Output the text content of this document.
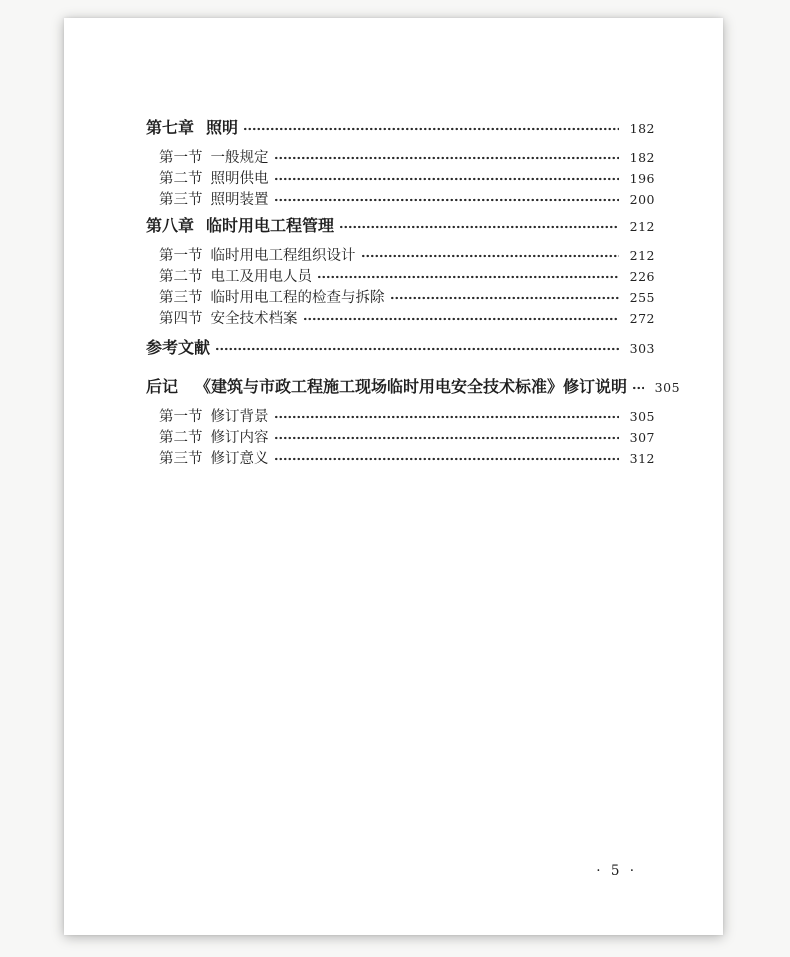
第七章 照明	182
第一节 一般规定	182
第二节 照明供电	196
第三节 照明装置	200
第八章 临时用电工程管理	212
第一节 临时用电工程组织设计	212
第二节 电工及用电人员	226
第三节 临时用电工程的检查与拆除	255
第四节 安全技术档案	272
参考文献	303
后记 《建筑与市政工程施工现场临时用电安全技术标准》修订说明 305
第一节 修订背景	305
第二节 修订内容	307
第三节 修订意义	312
· 5 ·
